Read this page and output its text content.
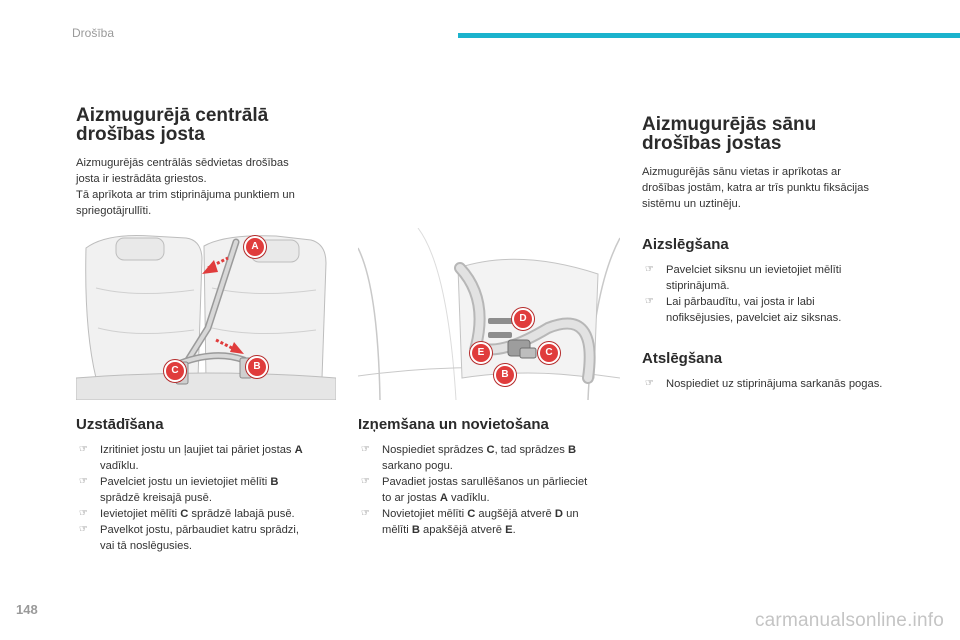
Drošība
Aizmugurējā centrālā
drošības josta
Aizmugurējās centrālās sēdvietas drošības
josta ir iestrādāta griestos.
Tā aprīkota ar trim stiprinājuma punktiem un
spriegotājrullīti.
A
B
C
Uzstādīšana
☞ Izritiniet jostu un ļaujiet tai pāriet jostas A
vadīklu.
☞ Pavelciet jostu un ievietojiet mēlīti B
sprādzē kreisajā pusē.
☞ Ievietojiet mēlīti C sprādzē labajā pusē.
☞ Pavelkot jostu, pārbaudiet katru sprādzi,
vai tā noslēgusies.
D
E	C
B
Izņemšana un novietošana
☞ Nospiediet sprādzes C, tad sprādzes B
sarkano pogu.
☞ Pavadiet jostas sarullēšanos un pārlieciet
to ar jostas A vadīklu.
☞ Novietojiet mēlīti C augšējā atverē D un
mēlīti B apakšējā atverē E.
Aizmugurējās sānu
drošības jostas
Aizmugurējās sānu vietas ir aprīkotas ar
drošības jostām, katra ar trīs punktu fiksācijas
sistēmu un uztinēju.
Aizslēgšana
☞ Pavelciet siksnu un ievietojiet mēlīti
stiprinājumā.
☞ Lai pārbaudītu, vai josta ir labi
nofiksējusies, pavelciet aiz siksnas.
Atslēgšana
☞ Nospiediet uz stiprinājuma sarkanās pogas.
148
carmanualsonline.info
